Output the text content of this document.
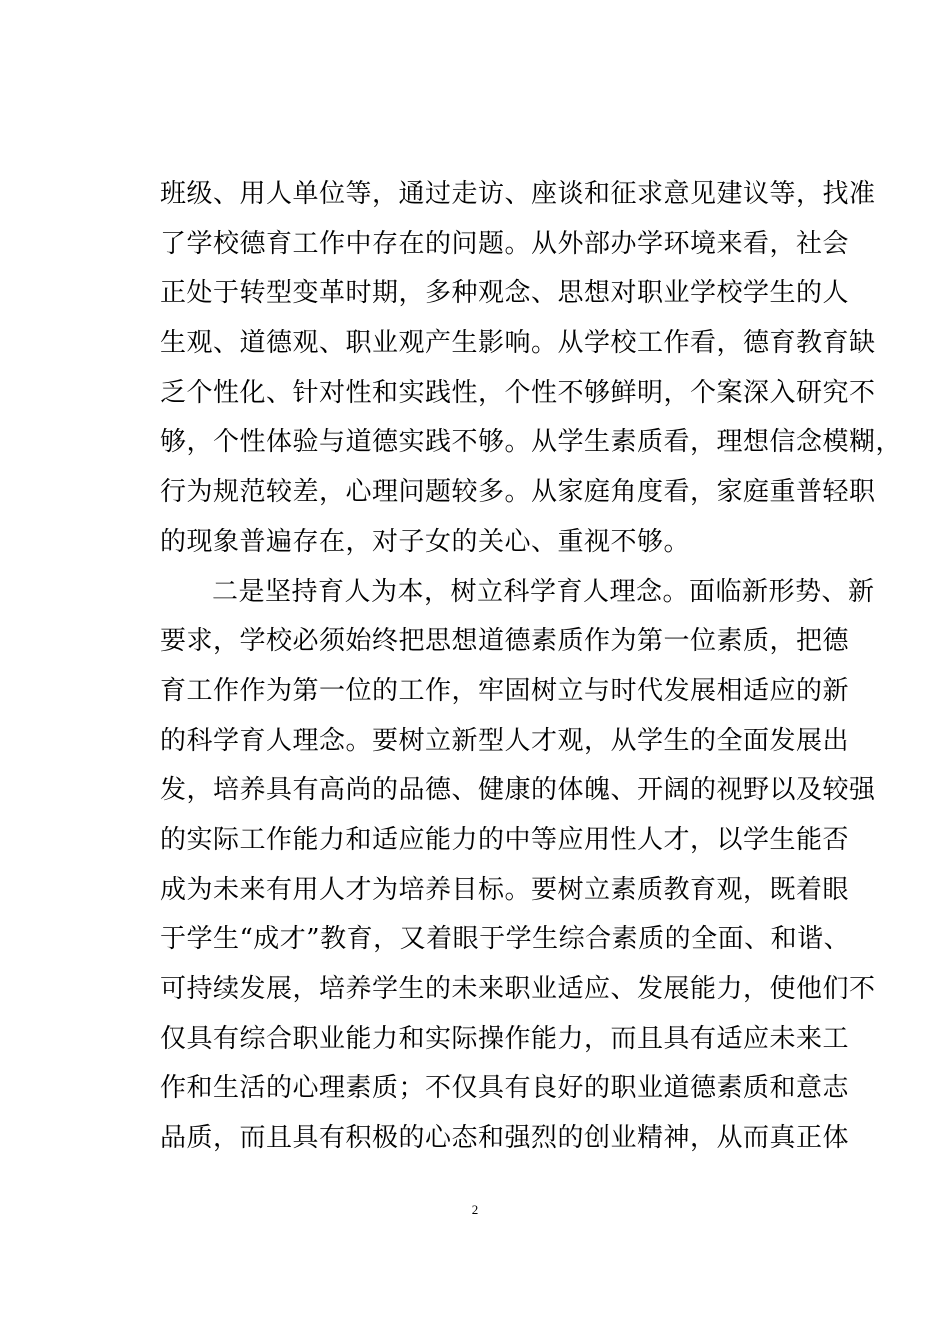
班级、用人单位等，通过走访、座谈和征求意见建议等，找准
了学校德育工作中存在的问题。从外部办学环境来看，社会
正处于转型变革时期，多种观念、思想对职业学校学生的人
生观、道德观、职业观产生影响。从学校工作看，德育教育缺
乏个性化、针对性和实践性，个性不够鲜明，个案深入研究不
够，个性体验与道德实践不够。从学生素质看，理想信念模糊，
行为规范较差，心理问题较多。从家庭角度看，家庭重普轻职
的现象普遍存在，对子女的关心、重视不够。
二是坚持育人为本，树立科学育人理念。面临新形势、新
要求，学校必须始终把思想道德素质作为第一位素质，把德
育工作作为第一位的工作，牢固树立与时代发展相适应的新
的科学育人理念。要树立新型人才观，从学生的全面发展出
发，培养具有高尚的品德、健康的体魄、开阔的视野以及较强
的实际工作能力和适应能力的中等应用性人才，以学生能否
成为未来有用人才为培养目标。要树立素质教育观，既着眼
于学生“成才”教育，又着眼于学生综合素质的全面、和谐、
可持续发展，培养学生的未来职业适应、发展能力，使他们不
仅具有综合职业能力和实际操作能力，而且具有适应未来工
作和生活的心理素质；不仅具有良好的职业道德素质和意志
品质，而且具有积极的心态和强烈的创业精神，从而真正体
2
